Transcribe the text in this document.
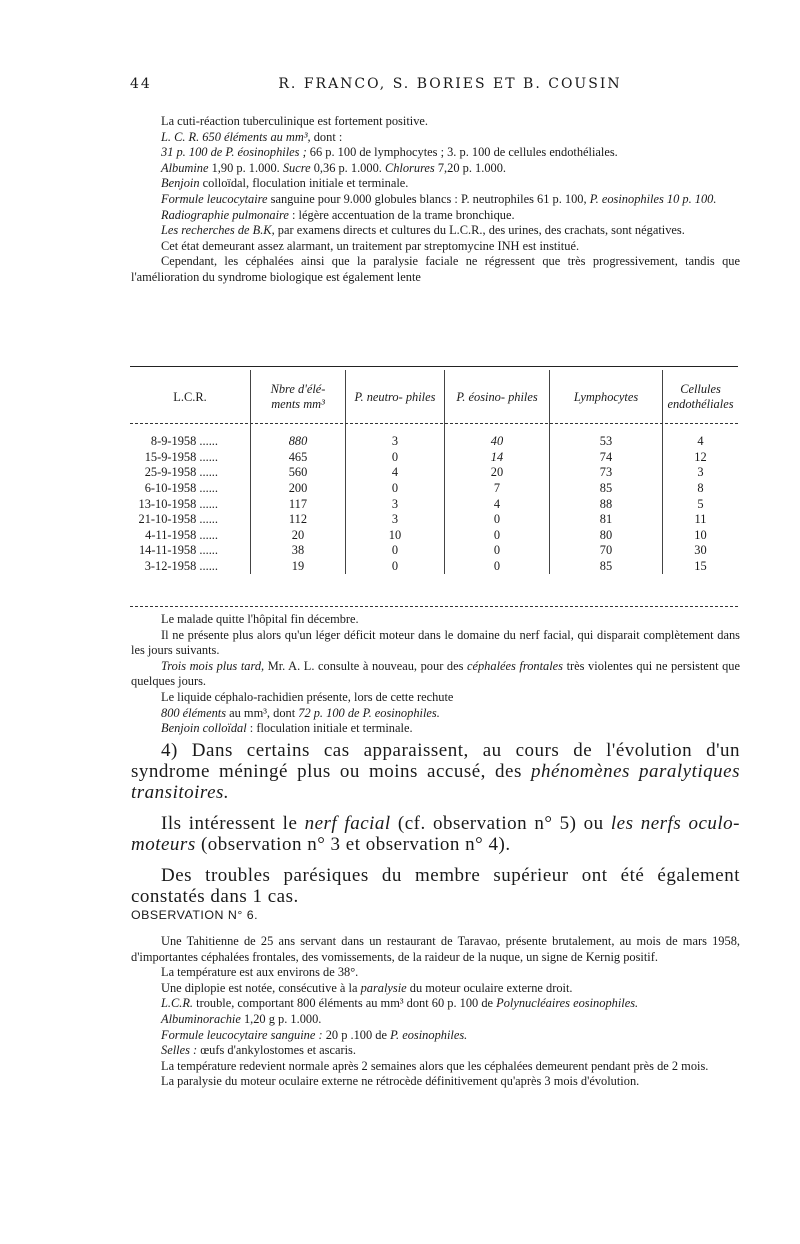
44	R. FRANCO, S. BORIES ET B. COUSIN

La cuti-réaction tuberculinique est fortement positive.

L. C. R. 650 éléments au mm³, dont :

31 p. 100 de P. éosinophiles ; 66 p. 100 de lymphocytes ; 3. p. 100 de cellules endothéliales.

Albumine 1,90 p. 1.000. Sucre 0,36 p. 1.000. Chlorures 7,20 p. 1.000.

Benjoin colloïdal, floculation initiale et terminale.

Formule leucocytaire sanguine pour 9.000 globules blancs : P. neutrophiles 61 p. 100, P. eosinophiles 10 p. 100.

Radiographie pulmonaire : légère accentuation de la trame bronchique.

Les recherches de B.K, par examens directs et cultures du L.C.R., des urines, des crachats, sont négatives.

Cet état demeurant assez alarmant, un traitement par streptomycine INH est institué.

Cependant, les céphalées ainsi que la paralysie faciale ne régressent que très progressivement, tandis que l'amélioration du syndrome biologique est également lente

L.C.R.	Nbre d'élé- ments mm³	P. neutro- philes	P. éosino- philes	Lymphocytes	Cellules endothéliales

8-9-1958 ......	880	3	40	53	4
15-9-1958 ......	465	0	14	74	12
25-9-1958 ......	560	4	20	73	3
6-10-1958 ......	200	0	7	85	8
13-10-1958 ......	117	3	4	88	5
21-10-1958 ......	112	3	0	81	11
4-11-1958 ......	20	10	0	80	10
14-11-1958 ......	38	0	0	70	30
3-12-1958 ......	19	0	0	85	15

Le malade quitte l'hôpital fin décembre.

Il ne présente plus alors qu'un léger déficit moteur dans le domaine du nerf facial, qui disparait complètement dans les jours suivants.

Trois mois plus tard, Mr. A. L. consulte à nouveau, pour des céphalées frontales très violentes qui ne persistent que quelques jours.

Le liquide céphalo-rachidien présente, lors de cette rechute

800 éléments au mm³, dont 72 p. 100 de P. eosinophiles.

Benjoin colloïdal : floculation initiale et terminale.

4) Dans certains cas apparaissent, au cours de l'évolution d'un syndrome méningé plus ou moins accusé, des phénomènes paralytiques transitoires.

Ils intéressent le nerf facial (cf. observation n° 5) ou les nerfs oculo-moteurs (observation n° 3 et observation n° 4).

Des troubles parésiques du membre supérieur ont été également constatés dans 1 cas.

OBSERVATION N° 6.

Une Tahitienne de 25 ans servant dans un restaurant de Taravao, présente brutalement, au mois de mars 1958, d'importantes céphalées frontales, des vomissements, de la raideur de la nuque, un signe de Kernig positif.

La température est aux environs de 38°.

Une diplopie est notée, consécutive à la paralysie du moteur oculaire externe droit.

L.C.R. trouble, comportant 800 éléments au mm³ dont 60 p. 100 de Polynucléaires eosinophiles.

Albuminorachie 1,20 g p. 1.000.

Formule leucocytaire sanguine : 20 p .100 de P. eosinophiles.

Selles : œufs d'ankylostomes et ascaris.

La température redevient normale après 2 semaines alors que les céphalées demeurent pendant près de 2 mois.

La paralysie du moteur oculaire externe ne rétrocède définitivement qu'après 3 mois d'évolution.
